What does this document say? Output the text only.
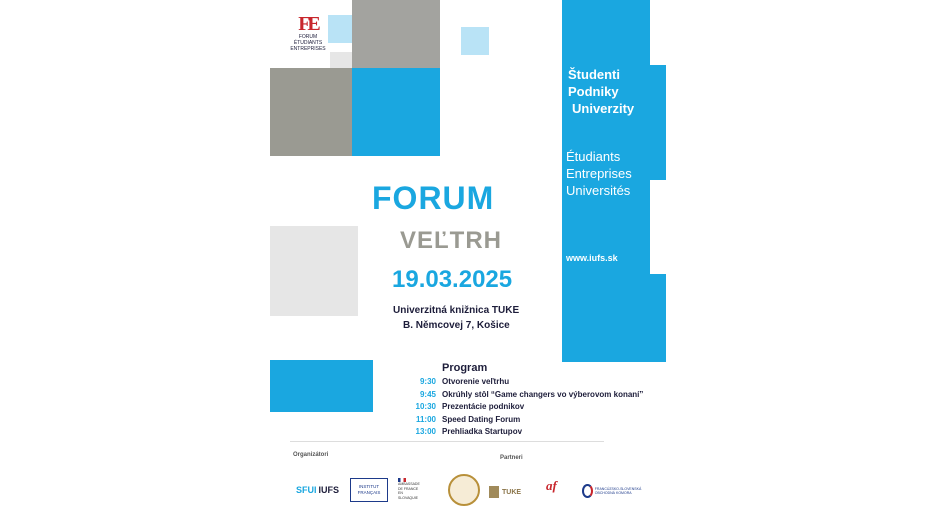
FE
FORUM
ÉTUDIANTS
ENTREPRISES
Študenti
Podniky
Univerzity
Étudiants
Entreprises
Universités
www.iufs.sk
FORUM
VEĽTRH
19.03.2025
Univerzitná knižnica TUKE
B. Němcovej 7, Košice
Program
9:30 Otvorenie veľtrhu
9:45 Okrúhly stôl “Game changers vo výberovom konaní”
10:30 Prezentácie podnikov
11:00 Speed Dating Forum
13:00 Prehliadka Startupov
Organizátori	Partneri
SFUI IUFS	INSTITUT FRANÇAIS
AMBASSADE DE FRANCE EN SLOVAQUIE
TUKE af	FRANCÚZSKO-SLOVENSKÁ OBCHODNÁ KOMORA
